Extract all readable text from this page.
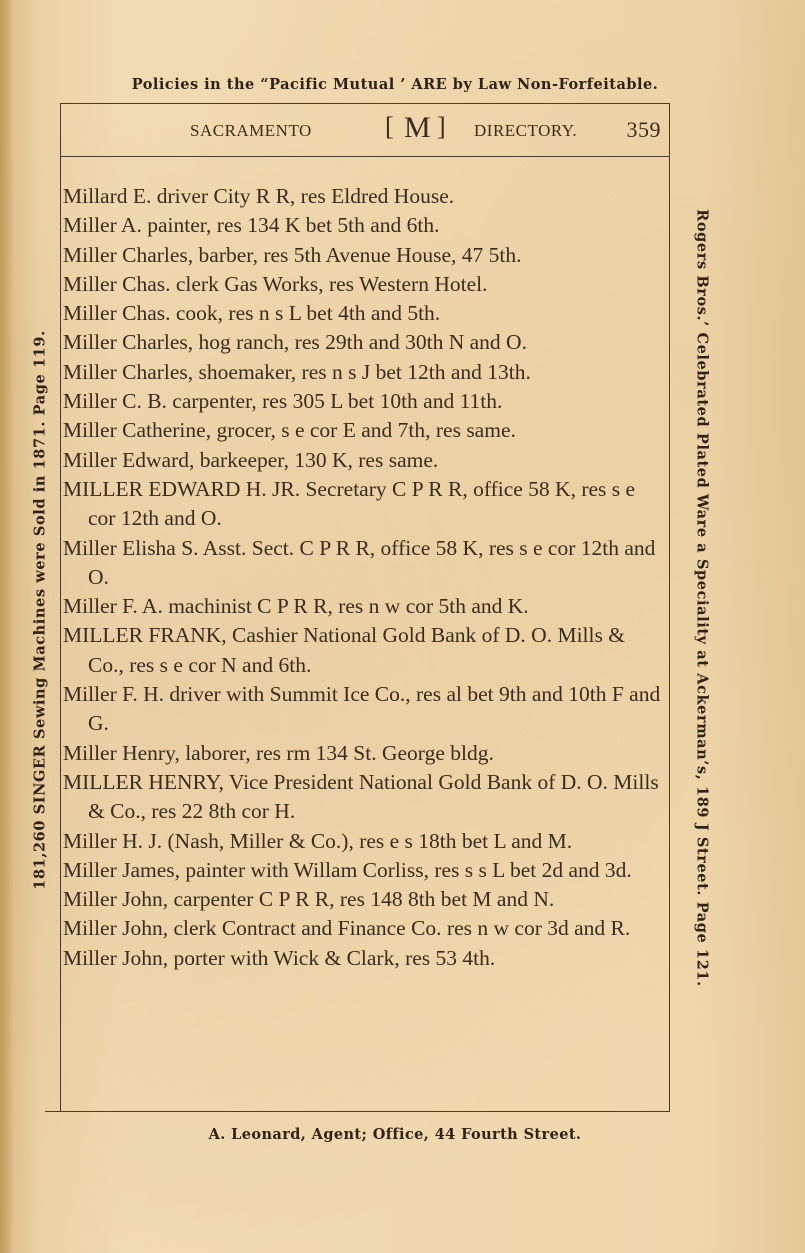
Policies in the “Pacific Mutual ’ ARE by Law Non-Forfeitable.
SACRAMENTO	[ M ] DIRECTORY. 359
Millard E. driver City R R, res Eldred House.
Miller A. painter, res 134 K bet 5th and 6th.
Miller Charles, barber, res 5th Avenue House, 47 5th.
Miller Chas. clerk Gas Works, res Western Hotel.
Miller Chas. cook, res n s L bet 4th and 5th.
Miller Charles, hog ranch, res 29th and 30th N and O.
Miller Charles, shoemaker, res n s J bet 12th and 13th.
Miller C. B. carpenter, res 305 L bet 10th and 11th.
Miller Catherine, grocer, s e cor E and 7th, res same.
Miller Edward, barkeeper, 130 K, res same.
MILLER EDWARD H. JR. Secretary C P R R, office 58 K, res s e cor 12th and O.
Miller Elisha S. Asst. Sect. C P R R, office 58 K, res s e cor 12th and O.
Miller F. A. machinist C P R R, res n w cor 5th and K.
MILLER FRANK, Cashier National Gold Bank of D. O. Mills & Co., res s e cor N and 6th.
Miller F. H. driver with Summit Ice Co., res al bet 9th and 10th F and G.
Miller Henry, laborer, res rm 134 St. George bldg.
MILLER HENRY, Vice President National Gold Bank of D. O. Mills & Co., res 22 8th cor H.
Miller H. J. (Nash, Miller & Co.), res e s 18th bet L and M.
Miller James, painter with Willam Corliss, res s s L bet 2d and 3d.
Miller John, carpenter C P R R, res 148 8th bet M and N.
Miller John, clerk Contract and Finance Co. res n w cor 3d and R.
Miller John, porter with Wick & Clark, res 53 4th.
181,260 SINGER Sewing Machines were Sold in 1871. Page 119.	Rogers Bros.’ Celebrated Plated Ware a Speciality at Ackerman’s, 189 J Street. Page 121.
A. Leonard, Agent; Office, 44 Fourth Street.
